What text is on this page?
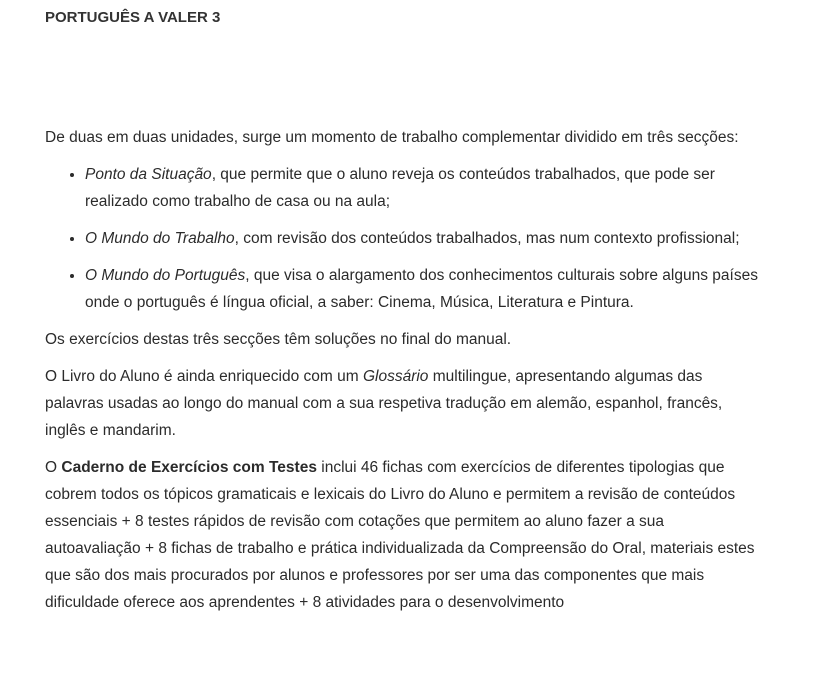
PORTUGUÊS A VALER 3

De duas em duas unidades, surge um momento de trabalho complementar dividido em três secções:

• Ponto da Situação, que permite que o aluno reveja os conteúdos trabalhados, que pode ser realizado como trabalho de casa ou na aula;
• O Mundo do Trabalho, com revisão dos conteúdos trabalhados, mas num contexto profissional;
• O Mundo do Português, que visa o alargamento dos conhecimentos culturais sobre alguns países onde o português é língua oficial, a saber: Cinema, Música, Literatura e Pintura.

Os exercícios destas três secções têm soluções no final do manual.

O Livro do Aluno é ainda enriquecido com um Glossário multilingue, apresentando algumas das palavras usadas ao longo do manual com a sua respetiva tradução em alemão, espanhol, francês, inglês e mandarim.

O Caderno de Exercícios com Testes inclui 46 fichas com exercícios de diferentes tipologias que cobrem todos os tópicos gramaticais e lexicais do Livro do Aluno e permitem a revisão de conteúdos essenciais + 8 testes rápidos de revisão com cotações que permitem ao aluno fazer a sua autoavaliação + 8 fichas de trabalho e prática individualizada da Compreensão do Oral, materiais estes que são dos mais procurados por alunos e professores por ser uma das componentes que mais dificuldade oferece aos aprendentes + 8 atividades para o desenvolvimento
